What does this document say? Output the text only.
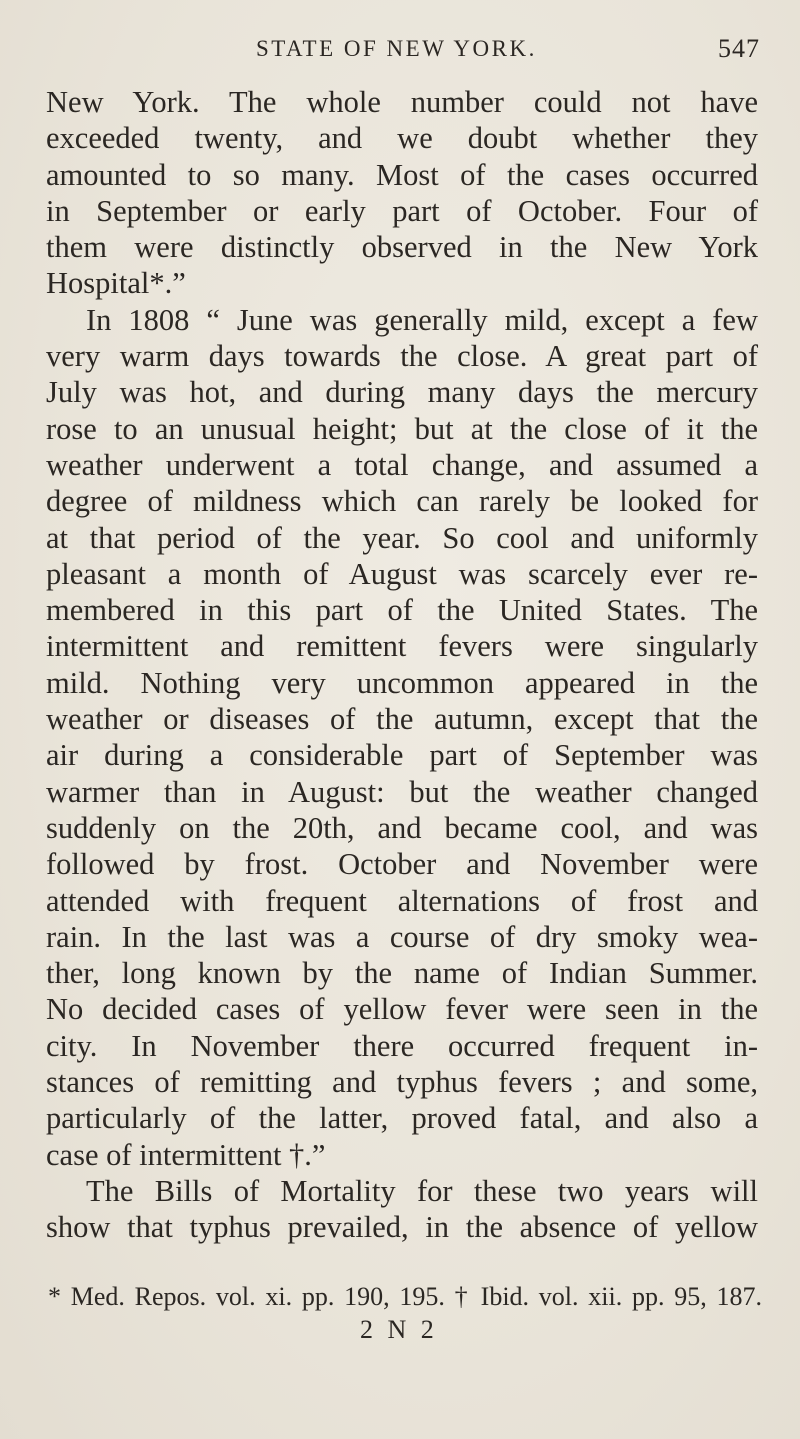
STATE OF NEW YORK.	547
New York. The whole number could not have
exceeded twenty, and we doubt whether they
amounted to so many. Most of the cases occurred
in September or early part of October. Four of
them were distinctly observed in the New York
Hospital*.”
In 1808 “ June was generally mild, except a few
very warm days towards the close. A great part of
July was hot, and during many days the mercury
rose to an unusual height; but at the close of it the
weather underwent a total change, and assumed a
degree of mildness which can rarely be looked for
at that period of the year. So cool and uniformly
pleasant a month of August was scarcely ever re-
membered in this part of the United States. The
intermittent and remittent fevers were singularly
mild. Nothing very uncommon appeared in the
weather or diseases of the autumn, except that the
air during a considerable part of September was
warmer than in August: but the weather changed
suddenly on the 20th, and became cool, and was
followed by frost. October and November were
attended with frequent alternations of frost and
rain. In the last was a course of dry smoky wea-
ther, long known by the name of Indian Summer.
No decided cases of yellow fever were seen in the
city. In November there occurred frequent in-
stances of remitting and typhus fevers ; and some,
particularly of the latter, proved fatal, and also a
case of intermittent †.”
The Bills of Mortality for these two years will
show that typhus prevailed, in the absence of yellow
* Med. Repos. vol. xi. pp. 190, 195. † Ibid. vol. xii. pp. 95, 187.
2 N 2
